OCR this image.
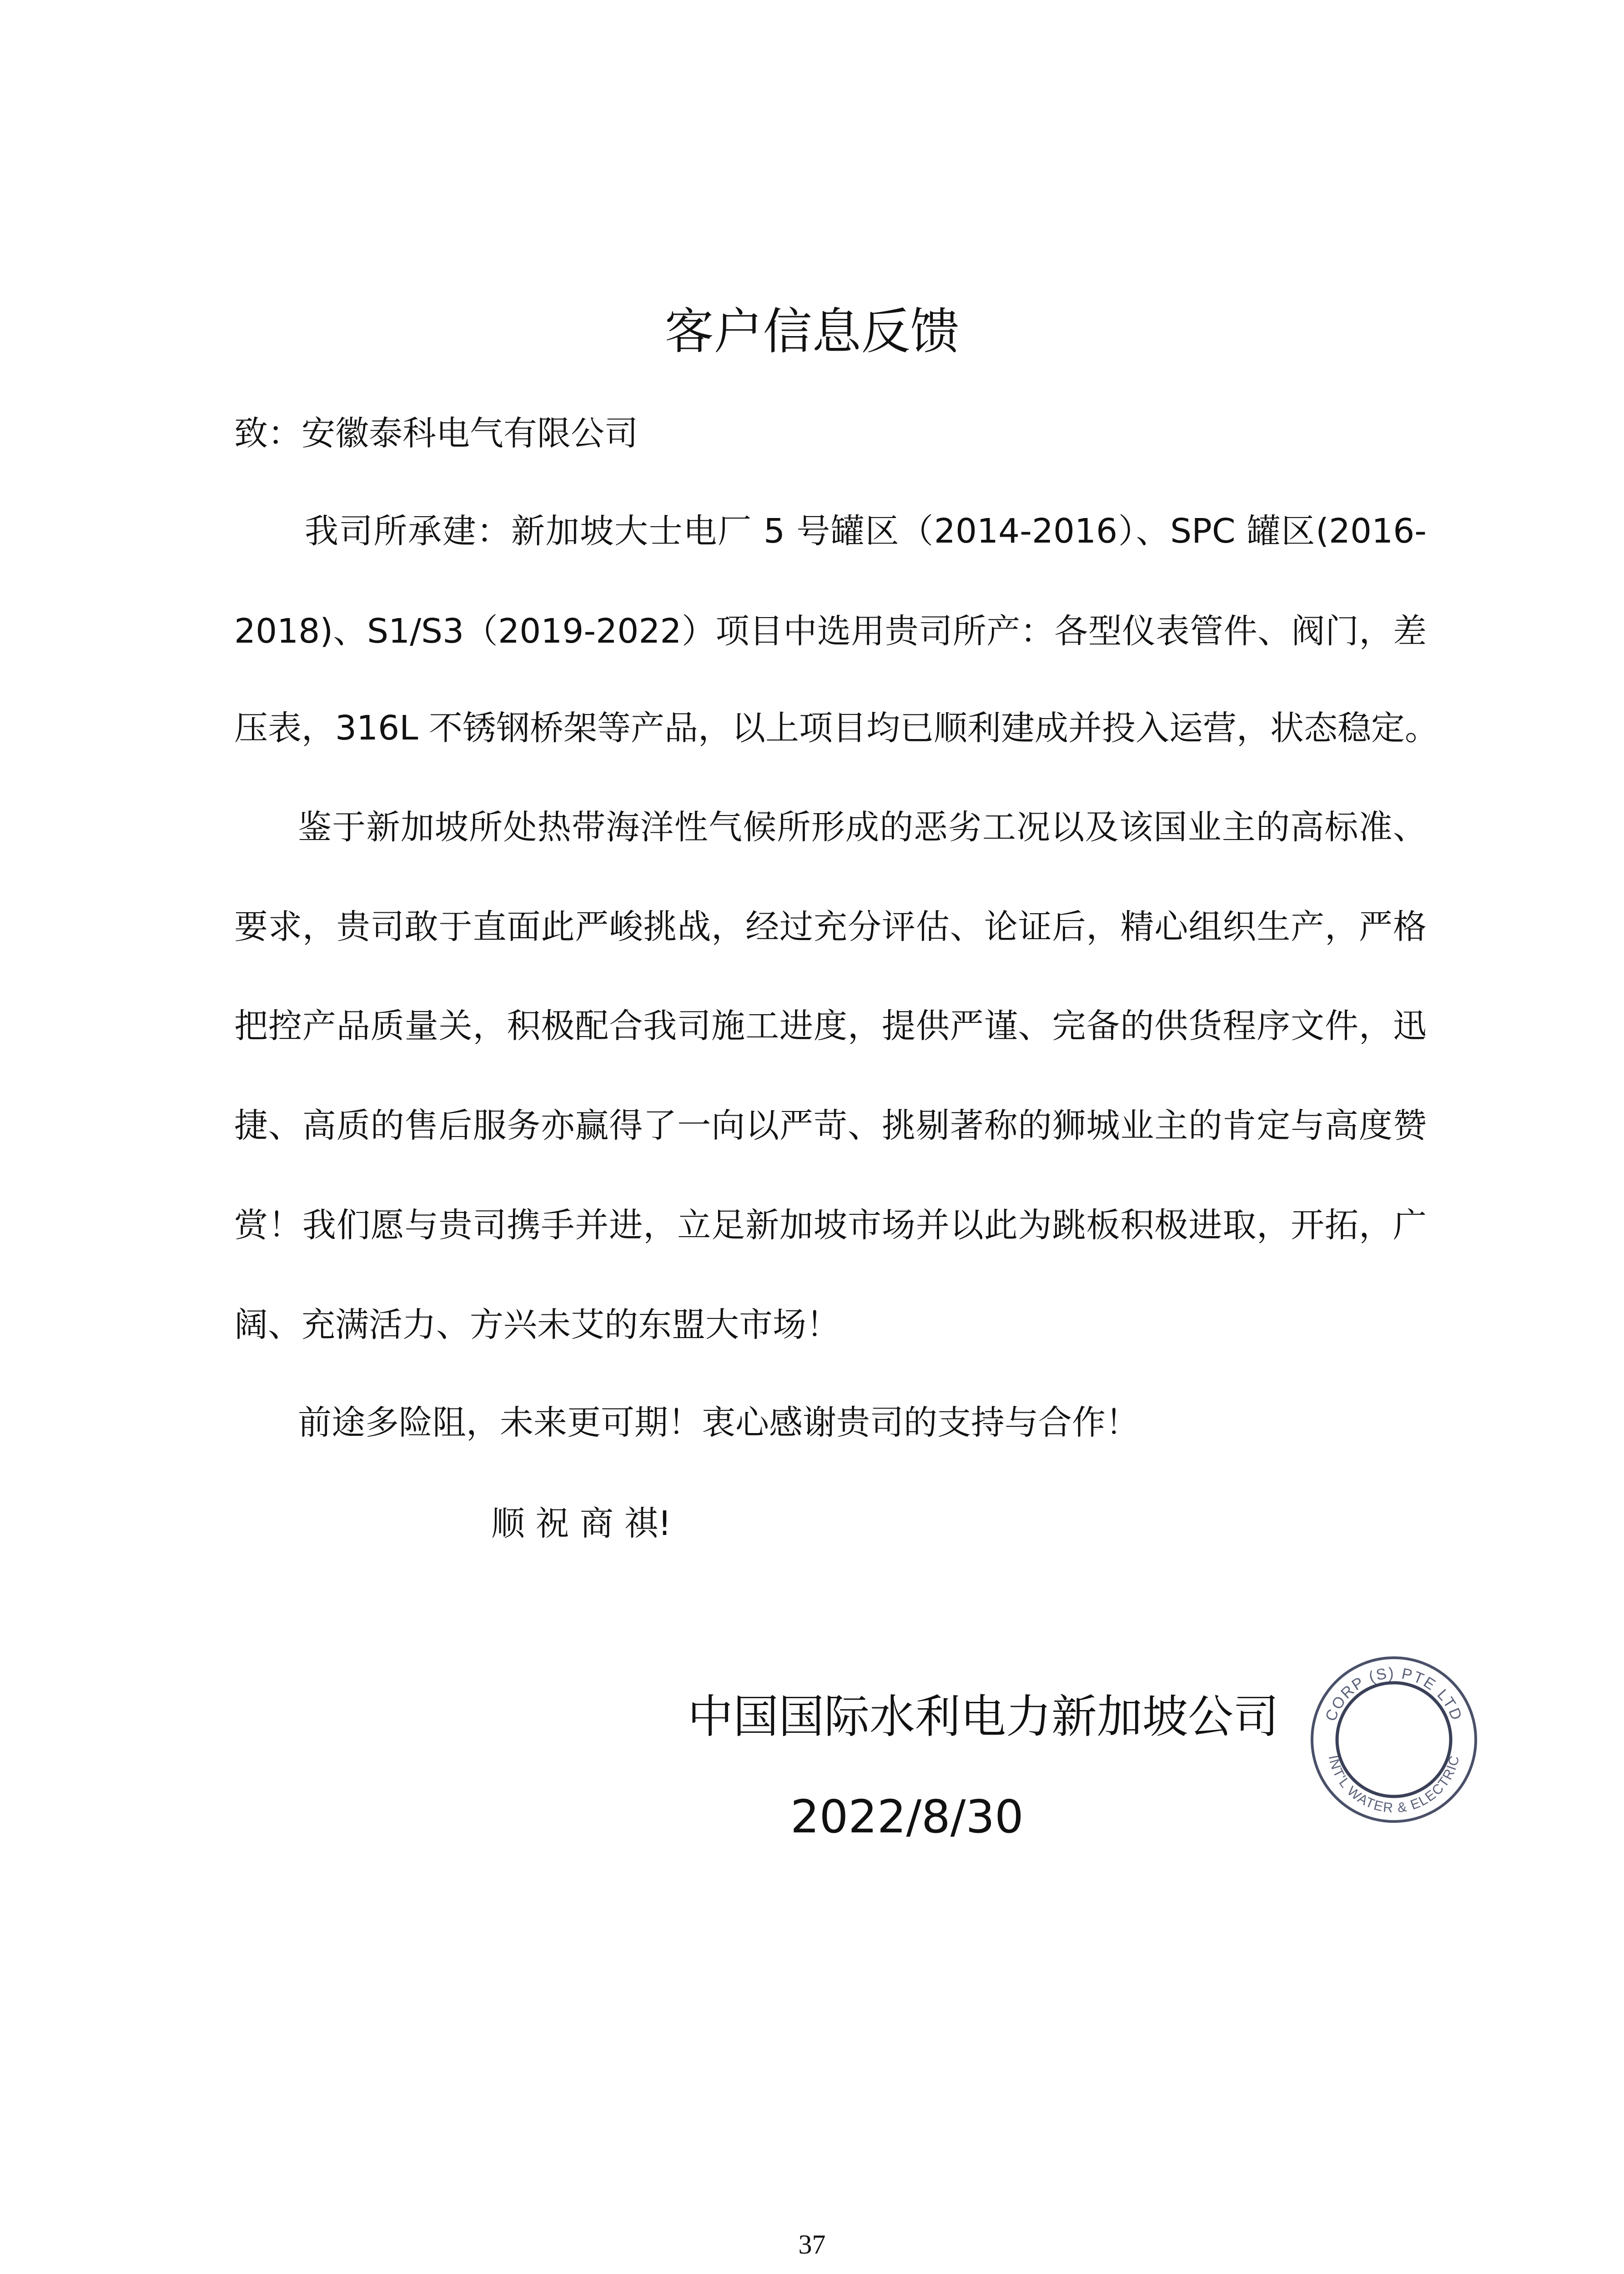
客户信息反馈
致：安徽泰科电气有限公司
我司所承建：新加坡大士电厂 5 号罐区（2014-2016）、SPC 罐区(2016-
2018)、S1/S3（2019-2022）项目中选用贵司所产：各型仪表管件、阀门，差
压表，316L 不锈钢桥架等产品，以上项目均已顺利建成并投入运营，状态稳定。
鉴于新加坡所处热带海洋性气候所形成的恶劣工况以及该国业主的高标准、
要求，贵司敢于直面此严峻挑战，经过充分评估、论证后，精心组织生产，严格
把控产品质量关，积极配合我司施工进度，提供严谨、完备的供货程序文件，迅
捷、高质的售后服务亦赢得了一向以严苛、挑剔著称的狮城业主的肯定与高度赞
赏！我们愿与贵司携手并进，立足新加坡市场并以此为跳板积极进取，开拓，广
阔、充满活力、方兴未艾的东盟大市场！
前途多险阻，未来更可期！衷心感谢贵司的支持与合作！
顺 祝 商 祺!
中国国际水利电力新加坡公司
2022/8/30
CORP (S) PTE LTD
INT'L WATER & ELECTRIC
37
